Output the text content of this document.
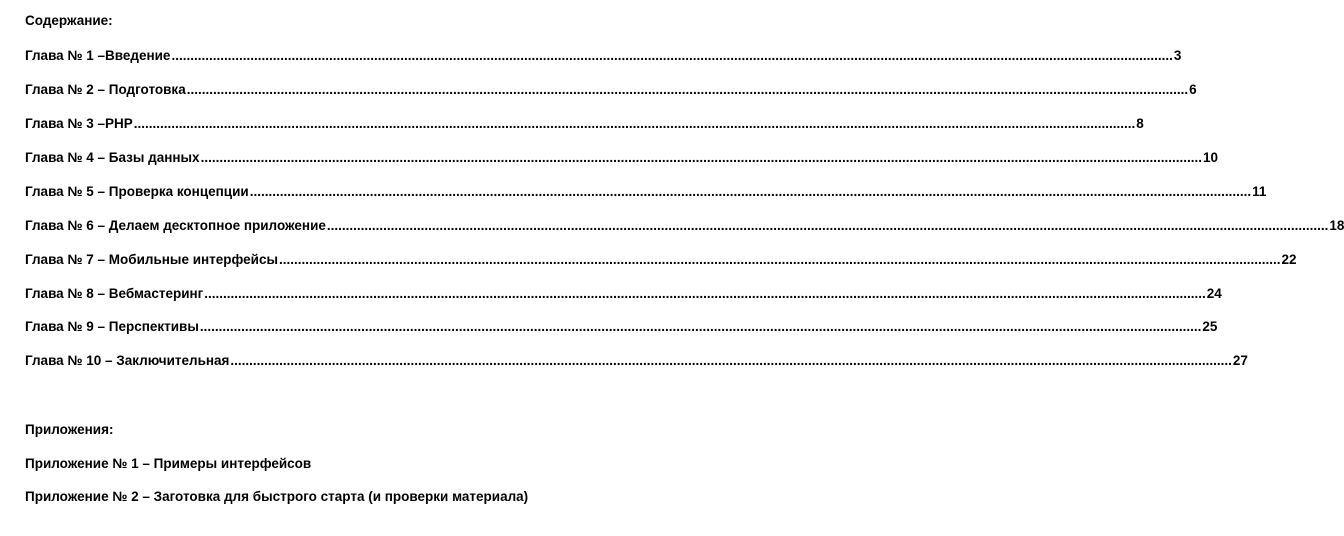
Содержание:
Глава № 1 –Введение ........................................................................................................................................................................................................................................................................... 3
Глава № 2 – Подготовка ........................................................................................................................................................................................................................................................................... 6
Глава № 3 –PHP ........................................................................................................................................................................................................................................................................... 8
Глава № 4 – Базы данных ........................................................................................................................................................................................................................................................................... 10
Глава № 5 – Проверка концепции ........................................................................................................................................................................................................................................................................... 11
Глава № 6 – Делаем десктопное приложение ........................................................................................................................................................................................................................................................................... 18
Глава № 7 – Мобильные интерфейсы ........................................................................................................................................................................................................................................................................... 22
Глава № 8 – Вебмастеринг ........................................................................................................................................................................................................................................................................... 24
Глава № 9 – Перспективы ........................................................................................................................................................................................................................................................................... 25
Глава № 10 – Заключительная ........................................................................................................................................................................................................................................................................... 27
Приложения:
Приложение № 1 – Примеры интерфейсов
Приложение № 2 – Заготовка для быстрого старта (и проверки материала)
